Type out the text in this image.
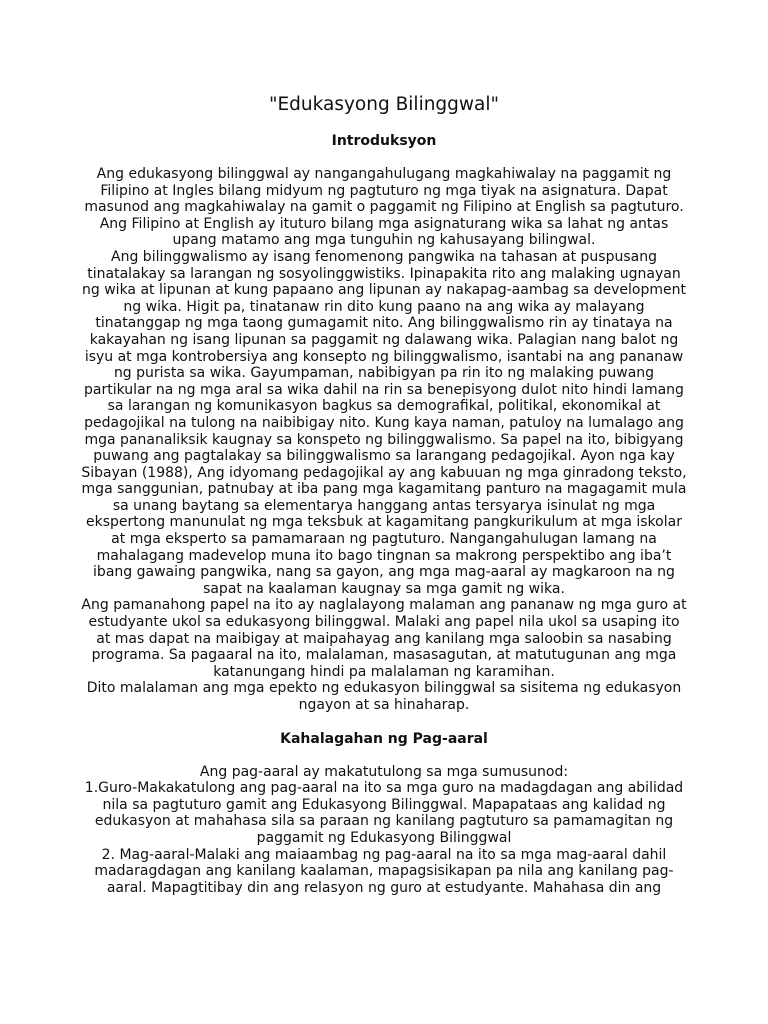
"Edukasyong Bilinggwal"
Introduksyon

Ang edukasyong bilinggwal ay nangangahulugang magkahiwalay na paggamit ng Filipino at Ingles bilang midyum ng pagtuturo ng mga tiyak na asignatura. Dapat masunod ang magkahiwalay na gamit o paggamit ng Filipino at English sa pagtuturo. Ang Filipino at English ay ituturo bilang mga asignaturang wika sa lahat ng antas upang matamo ang mga tunguhin ng kahusayang bilingwal.

Ang bilinggwalismo ay isang fenomenong pangwika na tahasan at puspusang tinatalakay sa larangan ng sosyolinggwistiks. Ipinapakita rito ang malaking ugnayan ng wika at lipunan at kung papaano ang lipunan ay nakapag-aambag sa development ng wika. Higit pa, tinatanaw rin dito kung paano na ang wika ay malayang tinatanggap ng mga taong gumagamit nito. Ang bilinggwalismo rin ay tinataya na kakayahan ng isang lipunan sa paggamit ng dalawang wika. Palagian nang balot ng isyu at mga kontrobersiya ang konsepto ng bilinggwalismo, isantabi na ang pananaw ng purista sa wika. Gayumpaman, nabibigyan pa rin ito ng malaking puwang partikular na ng mga aral sa wika dahil na rin sa benepisyong dulot nito hindi lamang sa larangan ng komunikasyon bagkus sa demografikal, politikal, ekonomikal at pedagojikal na tulong na naibibigay nito. Kung kaya naman, patuloy na lumalago ang mga pananaliksik kaugnay sa konspeto ng bilinggwalismo. Sa papel na ito, bibigyang puwang ang pagtalakay sa bilinggwalismo sa larangang pedagojikal. Ayon nga kay Sibayan (1988), Ang idyomang pedagojikal ay ang kabuuan ng mga ginradong teksto, mga sanggunian, patnubay at iba pang mga kagamitang panturo na magagamit mula sa unang baytang sa elementarya hanggang antas tersyarya isinulat ng mga ekspertong manunulat ng mga teksbuk at kagamitang pangkurikulum at mga iskolar at mga eksperto sa pamamaraan ng pagtuturo. Nangangahulugan lamang na mahalagang madevelop muna ito bago tingnan sa makrong perspektibo ang iba’t ibang gawaing pangwika, nang sa gayon, ang mga mag-aaral ay magkaroon na ng sapat na kaalaman kaugnay sa mga gamit ng wika.

Ang pamanahong papel na ito ay naglalayong malaman ang pananaw ng mga guro at estudyante ukol sa edukasyong bilinggwal. Malaki ang papel nila ukol sa usaping ito at mas dapat na maibigay at maipahayag ang kanilang mga saloobin sa nasabing programa. Sa pagaaral na ito, malalaman, masasagutan, at matutugunan ang mga katanungang hindi pa malalaman ng karamihan.

Dito malalaman ang mga epekto ng edukasyon bilinggwal sa sisitema ng edukasyon ngayon at sa hinaharap.

Kahalagahan ng Pag-aaral

Ang pag-aaral ay makatutulong sa mga sumusunod:

1.Guro-Makakatulong ang pag-aaral na ito sa mga guro na madagdagan ang abilidad nila sa pagtuturo gamit ang Edukasyong Bilinggwal. Mapapataas ang kalidad ng edukasyon at mahahasa sila sa paraan ng kanilang pagtuturo sa pamamagitan ng paggamit ng Edukasyong Bilinggwal

2. Mag-aaral-Malaki ang maiaambag ng pag-aaral na ito sa mga mag-aaral dahil madaragdagan ang kanilang kaalaman, mapagsisikapan pa nila ang kanilang pag-aaral. Mapagtitibay din ang relasyon ng guro at estudyante. Mahahasa din ang
